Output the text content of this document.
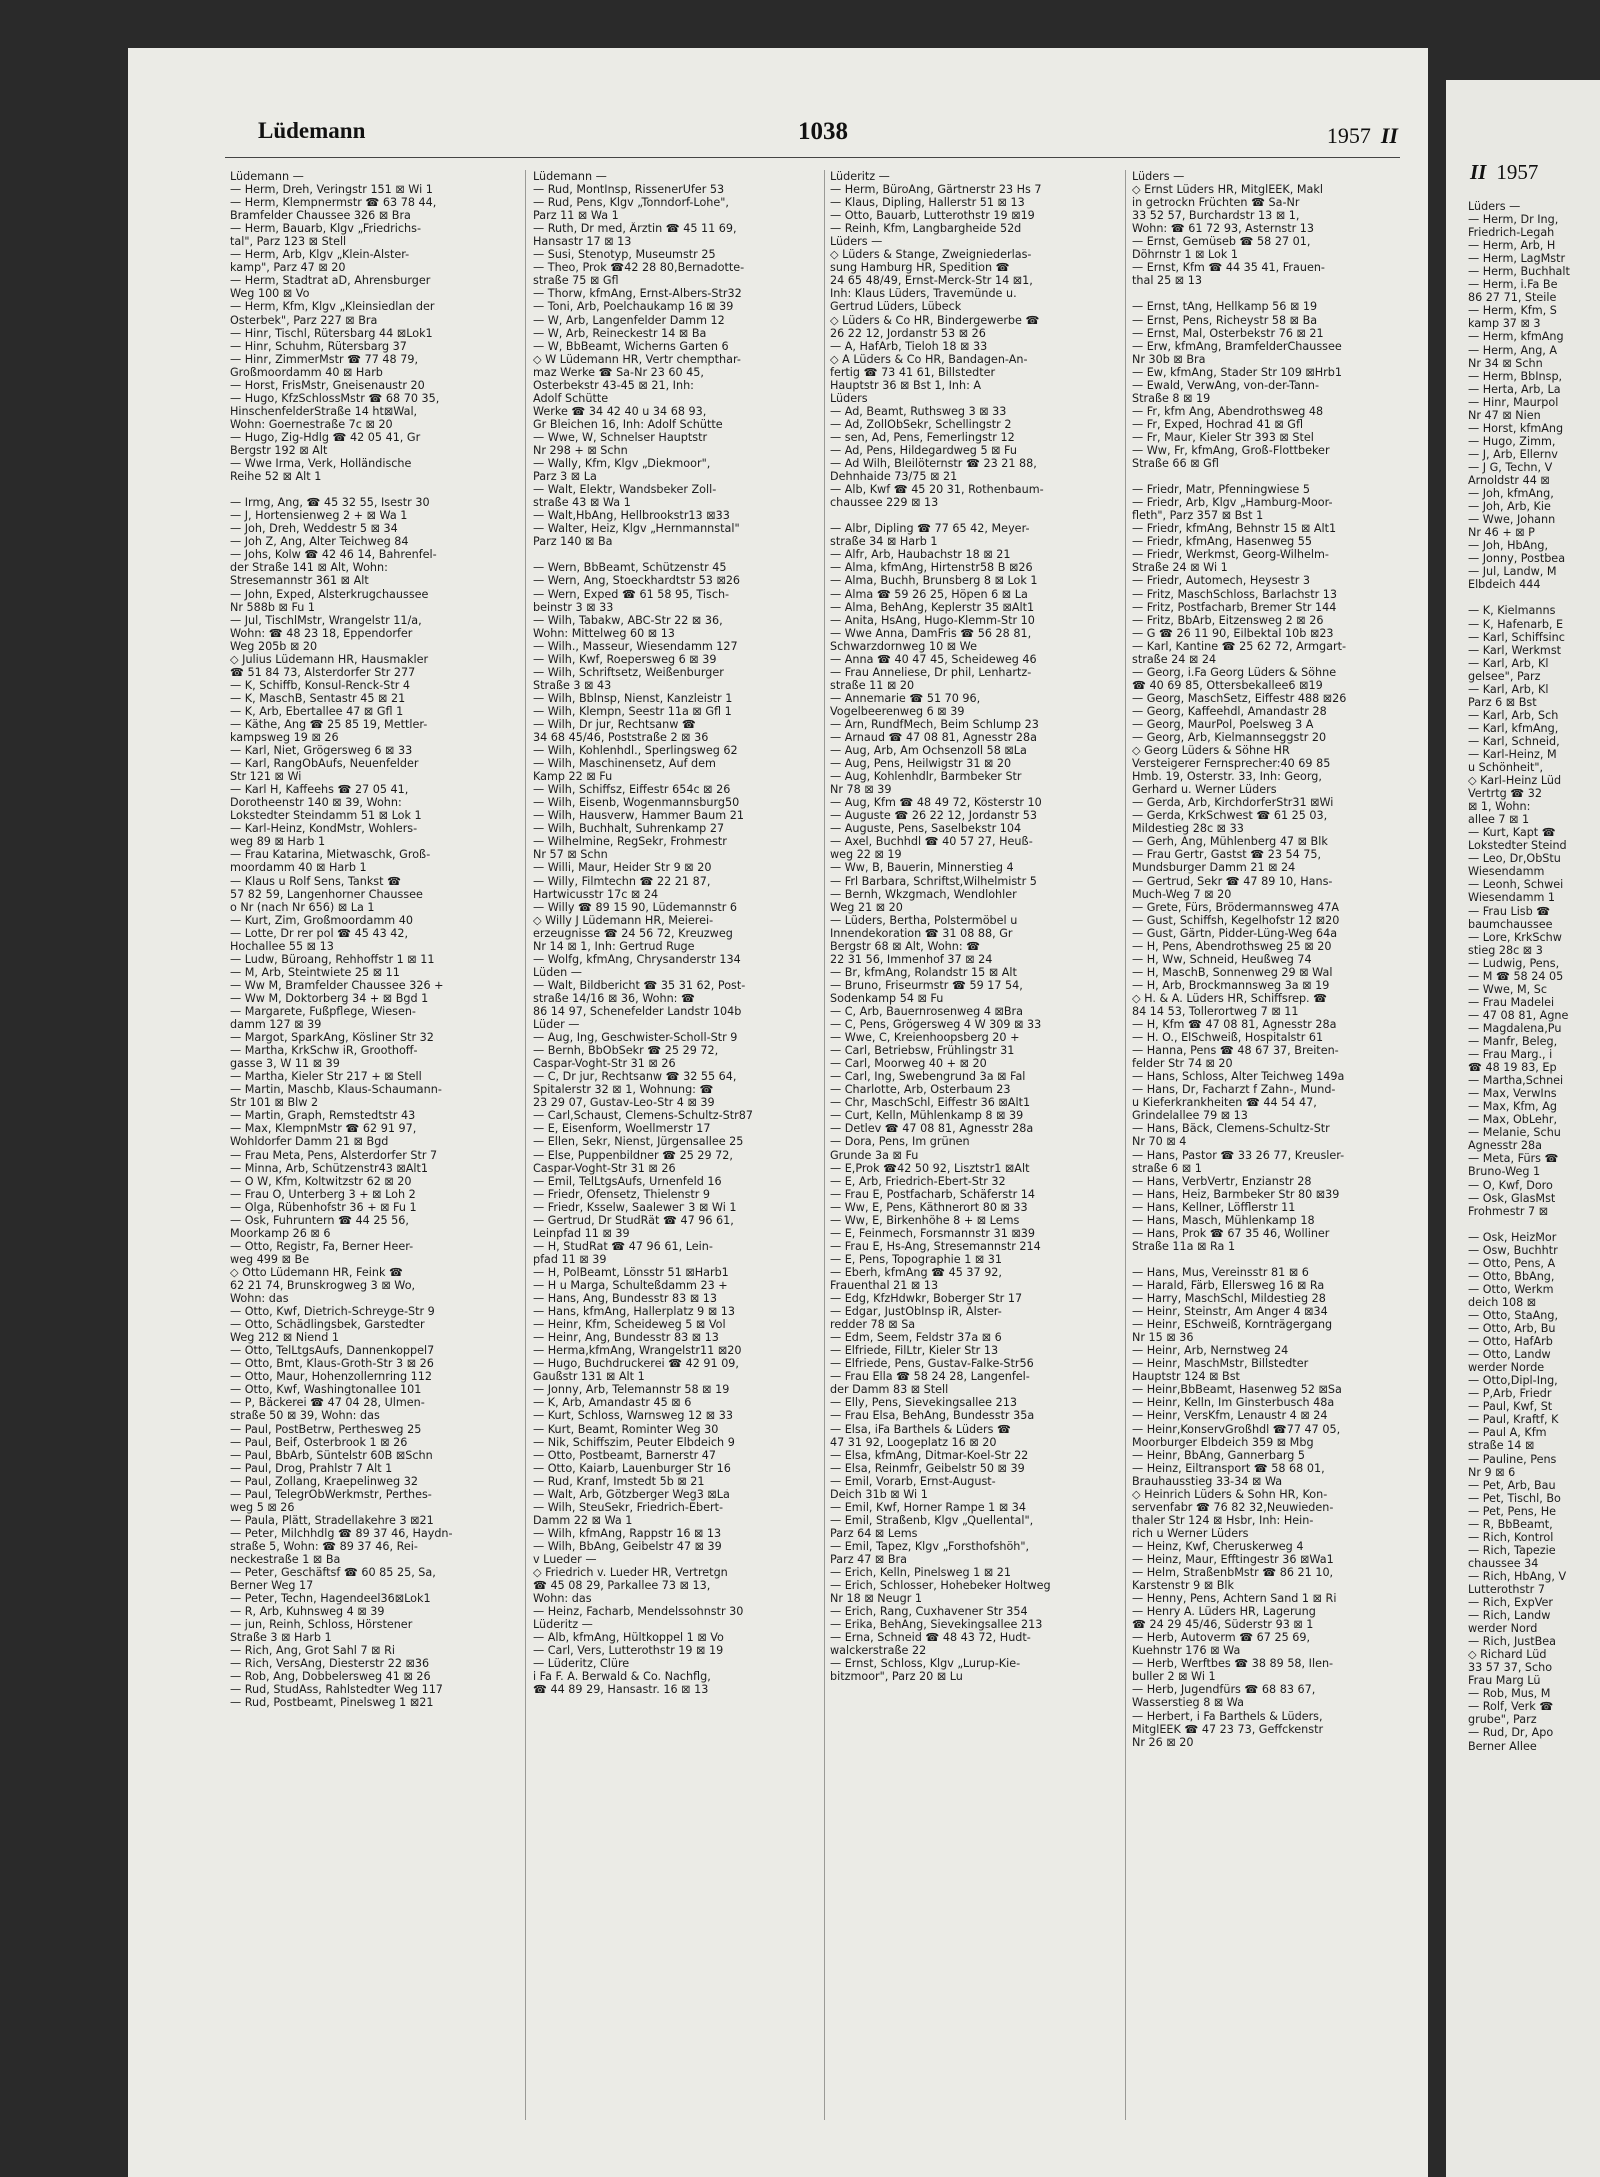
Lüdemann	1038	1957 II
II 1957
Lüdemann —
— Herm, Dreh, Veringstr 151 ⊠ Wi 1
— Herm, Klempnermstr ☎ 63 78 44,
Bramfelder Chaussee 326 ⊠ Bra
— Herm, Bauarb, Klgv „Friedrichs-
tal", Parz 123 ⊠ Stell
— Herm, Arb, Klgv „Klein-Alster-
kamp", Parz 47 ⊠ 20
— Herm, Stadtrat aD, Ahrensburger
Weg 100 ⊠ Vo
— Herm, Kfm, Klgv „Kleinsiedlan der
Osterbek", Parz 227 ⊠ Bra
— Hinr, Tischl, Rütersbarg 44 ⊠Lok1
— Hinr, Schuhm, Rütersbarg 37
— Hinr, ZimmerMstr ☎ 77 48 79,
Großmoordamm 40 ⊠ Harb
— Horst, FrisMstr, Gneisenaustr 20
— Hugo, KfzSchlossMstr ☎ 68 70 35,
HinschenfelderStraße 14 ht⊠Wal,
Wohn: Goernestraße 7c ⊠ 20
— Hugo, Zig-Hdlg ☎ 42 05 41, Gr
Bergstr 192 ⊠ Alt
— Wwe Irma, Verk, Holländische
Reihe 52 ⊠ Alt 1

— Irmg, Ang, ☎ 45 32 55, Isestr 30
— J, Hortensienweg 2 + ⊠ Wa 1
— Joh, Dreh, Weddestr 5 ⊠ 34
— Joh Z, Ang, Alter Teichweg 84
— Johs, Kolw ☎ 42 46 14, Bahrenfel-
der Straße 141 ⊠ Alt, Wohn:
Stresemannstr 361 ⊠ Alt
— John, Exped, Alsterkrugchaussee
Nr 588b ⊠ Fu 1
— Jul, TischlMstr, Wrangelstr 11/a,
Wohn: ☎ 48 23 18, Eppendorfer
Weg 205b ⊠ 20
◇ Julius Lüdemann HR, Hausmakler
☎ 51 84 73, Alsterdorfer Str 277
— K, Schiffb, Konsul-Renck-Str 4
— K, MaschB, Sentastr 45 ⊠ 21
— K, Arb, Ebertallee 47 ⊠ Gfl 1
— Käthe, Ang ☎ 25 85 19, Mettler-
kampsweg 19 ⊠ 26
— Karl, Niet, Grögersweg 6 ⊠ 33
— Karl, RangObAufs, Neuenfelder
Str 121 ⊠ Wi
— Karl H, Kaffeehs ☎ 27 05 41,
Dorotheenstr 140 ⊠ 39, Wohn:
Lokstedter Steindamm 51 ⊠ Lok 1
— Karl-Heinz, KondMstr, Wohlers-
weg 89 ⊠ Harb 1
— Frau Katarina, Mietwaschk, Groß-
moordamm 40 ⊠ Harb 1
— Klaus u Rolf Sens, Tankst ☎
57 82 59, Langenhorner Chaussee
o Nr (nach Nr 656) ⊠ La 1
— Kurt, Zim, Großmoordamm 40
— Lotte, Dr rer pol ☎ 45 43 42,
Hochallee 55 ⊠ 13
— Ludw, Büroang, Rehhoffstr 1 ⊠ 11
— M, Arb, Steintwiete 25 ⊠ 11
— Ww M, Bramfelder Chaussee 326 +
— Ww M, Doktorberg 34 + ⊠ Bgd 1
— Margarete, Fußpflege, Wiesen-
damm 127 ⊠ 39
— Margot, SparkAng, Kösliner Str 32
— Martha, KrkSchw iR, Groothoff-
gasse 3, W 11 ⊠ 39
— Martha, Kieler Str 217 + ⊠ Stell
— Martin, Maschb, Klaus-Schaumann-
Str 101 ⊠ Blw 2
— Martin, Graph, Remstedtstr 43
— Max, KlempnMstr ☎ 62 91 97,
Wohldorfer Damm 21 ⊠ Bgd
— Frau Meta, Pens, Alsterdorfer Str 7
— Minna, Arb, Schützenstr43 ⊠Alt1
— O W, Kfm, Koltwitzstr 62 ⊠ 20
— Frau O, Unterberg 3 + ⊠ Loh 2
— Olga, Rübenhofstr 36 + ⊠ Fu 1
— Osk, Fuhruntern ☎ 44 25 56,
Moorkamp 26 ⊠ 6
— Otto, Registr, Fa, Berner Heer-
weg 499 ⊠ Be
◇ Otto Lüdemann HR, Feink ☎
62 21 74, Brunskrogweg 3 ⊠ Wo,
Wohn: das
— Otto, Kwf, Dietrich-Schreyge-Str 9
— Otto, Schädlingsbek, Garstedter
Weg 212 ⊠ Niend 1
— Otto, TelLtgsAufs, Dannenkoppel7
— Otto, Bmt, Klaus-Groth-Str 3 ⊠ 26
— Otto, Maur, Hohenzollernring 112
— Otto, Kwf, Washingtonallee 101
— P, Bäckerei ☎ 47 04 28, Ulmen-
straße 50 ⊠ 39, Wohn: das
— Paul, PostBetrw, Perthesweg 25
— Paul, Beif, Osterbrook 1 ⊠ 26
— Paul, BbArb, Süntelstr 60B ⊠Schn
— Paul, Drog, Prahlstr 7 Alt 1
— Paul, Zollang, Kraepelinweg 32
— Paul, TelegrObWerkmstr, Perthes-
weg 5 ⊠ 26
— Paula, Plätt, Stradellakehre 3 ⊠21
— Peter, Milchhdlg ☎ 89 37 46, Haydn-
straße 5, Wohn: ☎ 89 37 46, Rei-
neckestraße 1 ⊠ Ba
— Peter, Geschäftsf ☎ 60 85 25, Sa,
Berner Weg 17
— Peter, Techn, Hagendeel36⊠Lok1
— R, Arb, Kuhnsweg 4 ⊠ 39
— jun, Reinh, Schloss, Hörstener
Straße 3 ⊠ Harb 1
— Rich, Ang, Grot Sahl 7 ⊠ Ri
— Rich, VersAng, Diesterstr 22 ⊠36
— Rob, Ang, Dobbelersweg 41 ⊠ 26
— Rud, StudAss, Rahlstedter Weg 117
— Rud, Postbeamt, Pinelsweg 1 ⊠21
Lüdemann —
— Rud, MontInsp, RissenerUfer 53
— Rud, Pens, Klgv „Tonndorf-Lohe",
Parz 11 ⊠ Wa 1
— Ruth, Dr med, Ärztin ☎ 45 11 69,
Hansastr 17 ⊠ 13
— Susi, Stenotyp, Museumstr 25
— Theo, Prok ☎42 28 80,Bernadotte-
straße 75 ⊠ Gfl
— Thorw, kfmAng, Ernst-Albers-Str32
— Toni, Arb, Poelchaukamp 16 ⊠ 39
— W, Arb, Langenfelder Damm 12
— W, Arb, Reineckestr 14 ⊠ Ba
— W, BbBeamt, Wicherns Garten 6
◇ W Lüdemann HR, Vertr chempthar-
maz Werke ☎ Sa-Nr 23 60 45,
Osterbekstr 43-45 ⊠ 21, Inh:
Adolf Schütte
Werke ☎ 34 42 40 u 34 68 93,
Gr Bleichen 16, Inh: Adolf Schütte
— Wwe, W, Schnelser Hauptstr
Nr 298 + ⊠ Schn
— Wally, Kfm, Klgv „Diekmoor",
Parz 3 ⊠ La
— Walt, Elektr, Wandsbeker Zoll-
straße 43 ⊠ Wa 1
— Walt,HbAng, Hellbrookstr13 ⊠33
— Walter, Heiz, Klgv „Hernmannstal"
Parz 140 ⊠ Ba

— Wern, BbBeamt, Schützenstr 45
— Wern, Ang, Stoeckhardtstr 53 ⊠26
— Wern, Exped ☎ 61 58 95, Tisch-
beinstr 3 ⊠ 33
— Wilh, Tabakw, ABC-Str 22 ⊠ 36,
Wohn: Mittelweg 60 ⊠ 13
— Wilh., Masseur, Wiesendamm 127
— Wilh, Kwf, Roepersweg 6 ⊠ 39
— Wilh, Schriftsetz, Weißenburger
Straße 3 ⊠ 43
— Wilh, Bblnsp, Nienst, Kanzleistr 1
— Wilh, Klempn, Seestr 11a ⊠ Gfl 1
— Wilh, Dr jur, Rechtsanw ☎
34 68 45/46, Poststraße 2 ⊠ 36
— Wilh, Kohlenhdl., Sperlingsweg 62
— Wilh, Maschinensetz, Auf dem
Kamp 22 ⊠ Fu
— Wilh, Schiffsz, Eiffestr 654c ⊠ 26
— Wilh, Eisenb, Wogenmannsburg50
— Wilh, Hausverw, Hammer Baum 21
— Wilh, Buchhalt, Suhrenkamp 27
— Wilhelmine, RegSekr, Frohmestr
Nr 57 ⊠ Schn
— Willi, Maur, Heider Str 9 ⊠ 20
— Willy, Filmtechn ☎ 22 21 87,
Hartwicusstr 17c ⊠ 24
— Willy ☎ 89 15 90, Lüdemannstr 6
◇ Willy J Lüdemann HR, Meierei-
erzeugnisse ☎ 24 56 72, Kreuzweg
Nr 14 ⊠ 1, Inh: Gertrud Ruge
— Wolfg, kfmAng, Chrysanderstr 134
Lüden —
— Walt, Bildbericht ☎ 35 31 62, Post-
straße 14/16 ⊠ 36, Wohn: ☎
86 14 97, Schenefelder Landstr 104b
Lüder —
— Aug, Ing, Geschwister-Scholl-Str 9
— Bernh, BbObSekr ☎ 25 29 72,
Caspar-Voght-Str 31 ⊠ 26
— C, Dr jur, Rechtsanw ☎ 32 55 64,
Spitalerstr 32 ⊠ 1, Wohnung: ☎
23 29 07, Gustav-Leo-Str 4 ⊠ 39
— Carl,Schaust, Clemens-Schultz-Str87
— E, Eisenform, Woellmerstr 17
— Ellen, Sekr, Nienst, Jürgensallee 25
— Else, Puppenbildner ☎ 25 29 72,
Caspar-Voght-Str 31 ⊠ 26
— Emil, TelLtgsAufs, Urnenfeld 16
— Friedr, Ofensetz, Thielenstr 9
— Friedr, Ksselw, Saalewег 3 ⊠ Wi 1
— Gertrud, Dr StudRät ☎ 47 96 61,
Leinpfad 11 ⊠ 39
— H, StudRat ☎ 47 96 61, Lein-
pfad 11 ⊠ 39
— H, PolBeamt, Lönsstr 51 ⊠Harb1
— H u Marga, Schulteßdamm 23 +
— Hans, Ang, Bundesstr 83 ⊠ 13
— Hans, kfmAng, Hallerplatz 9 ⊠ 13
— Heinr, Kfm, Scheideweg 5 ⊠ Vol
— Heinr, Ang, Bundesstr 83 ⊠ 13
— Herma,kfmAng, Wrangelstr11 ⊠20
— Hugo, Buchdruckerei ☎ 42 91 09,
Gaußstr 131 ⊠ Alt 1
— Jonny, Arb, Telemannstr 58 ⊠ 19
— K, Arb, Amandastr 45 ⊠ 6
— Kurt, Schloss, Warnsweg 12 ⊠ 33
— Kurt, Beamt, Rominter Weg 30
— Nik, Schiffszim, Peuter Elbdeich 9
— Otto, Postbeamt, Barnerstr 47
— Otto, Kaiarb, Lauenburger Str 16
— Rud, Kranf, Imstedt 5b ⊠ 21
— Walt, Arb, Götzberger Weg3 ⊠La
— Wilh, SteuSekr, Friedrich-Ebert-
Damm 22 ⊠ Wa 1
— Wilh, kfmAng, Rappstr 16 ⊠ 13
— Wilh, BbAng, Geibelstr 47 ⊠ 39
v Lueder —
◇ Friedrich v. Lueder HR, Vertretgn
☎ 45 08 29, Parkallee 73 ⊠ 13,
Wohn: das
— Heinz, Facharb, Mendelssohnstr 30
Lüderitz —
— Alb, kfmAng, Hültkoppel 1 ⊠ Vo
— Carl, Vers, Lutterothstr 19 ⊠ 19
— Lüderitz, Clüre
i Fa F. A. Berwald & Co. Nachflg,
☎ 44 89 29, Hansastr. 16 ⊠ 13
Lüderitz —
— Herm, BüroAng, Gärtnerstr 23 Hs 7
— Klaus, Dipling, Hallerstr 51 ⊠ 13
— Otto, Bauarb, Lutterothstr 19 ⊠19
— Reinh, Kfm, Langbargheide 52d
Lüders —
◇ Lüders & Stange, Zweigniederlas-
sung Hamburg HR, Spedition ☎
24 65 48/49, Ernst-Merck-Str 14 ⊠1,
Inh: Klaus Lüders, Travemünde u.
Gertrud Lüders, Lübeck
◇ Lüders & Co HR, Bindergewerbe ☎
26 22 12, Jordanstr 53 ⊠ 26
— A, HafArb, Tieloh 18 ⊠ 33
◇ A Lüders & Co HR, Bandagen-An-
fertig ☎ 73 41 61, Billstedter
Hauptstr 36 ⊠ Bst 1, Inh: A
Lüders
— Ad, Beamt, Ruthsweg 3 ⊠ 33
— Ad, ZollObSekr, Schellingstr 2
— sen, Ad, Pens, Femerlingstr 12
— Ad, Pens, Hildegardweg 5 ⊠ Fu
— Ad Wilh, Bleilöternstr ☎ 23 21 88,
Dehnhaide 73/75 ⊠ 21
— Alb, Kwf ☎ 45 20 31, Rothenbaum-
chaussee 229 ⊠ 13

— Albr, Dipling ☎ 77 65 42, Meyer-
straße 34 ⊠ Harb 1
— Alfr, Arb, Haubachstr 18 ⊠ 21
— Alma, kfmAng, Hirtenstr58 B ⊠26
— Alma, Buchh, Brunsberg 8 ⊠ Lok 1
— Alma ☎ 59 26 25, Höpen 6 ⊠ La
— Alma, BehAng, Keplerstr 35 ⊠Alt1
— Anita, HsAng, Hugo-Klemm-Str 10
— Wwe Anna, DamFris ☎ 56 28 81,
Schwarzdornweg 10 ⊠ We
— Anna ☎ 40 47 45, Scheideweg 46
— Frau Anneliese, Dr phil, Lenhartz-
straße 11 ⊠ 20
— Annemarie ☎ 51 70 96,
Vogelbeerenweg 6 ⊠ 39
— Arn, RundfMech, Beim Schlump 23
— Arnaud ☎ 47 08 81, Agnesstr 28a
— Aug, Arb, Am Ochsenzoll 58 ⊠La
— Aug, Pens, Heilwigstr 31 ⊠ 20
— Aug, Kohlenhdlr, Barmbeker Str
Nr 78 ⊠ 39
— Aug, Kfm ☎ 48 49 72, Kösterstr 10
— Auguste ☎ 26 22 12, Jordanstr 53
— Auguste, Pens, Saselbekstr 104
— Axel, Buchhdl ☎ 40 57 27, Heuß-
weg 22 ⊠ 19
— Ww, B, Bauerin, Minnerstieg 4
— Frl Barbara, Schriftst,Wilhelmistr 5
— Bernh, Wkzgmach, Wendlohler
Weg 21 ⊠ 20
— Lüders, Bertha, Polstermöbel u
Innendekoration ☎ 31 08 88, Gr
Bergstr 68 ⊠ Alt, Wohn: ☎
22 31 56, Immenhof 37 ⊠ 24
— Br, kfmAng, Rolandstr 15 ⊠ Alt
— Bruno, Friseurmstr ☎ 59 17 54,
Sodenkamp 54 ⊠ Fu
— C, Arb, Bauernrosenweg 4 ⊠Bra
— C, Pens, Grögersweg 4 W 309 ⊠ 33
— Wwe, C, Kreienhoopsberg 20 +
— Carl, Betriebsw, Frühlingstr 31
— Carl, Moorweg 40 + ⊠ 20
— Carl, Ing, Swebengrund 3a ⊠ Fal
— Charlotte, Arb, Osterbaum 23
— Chr, MaschSchl, Eiffestr 36 ⊠Alt1
— Curt, Kelln, Mühlenkamp 8 ⊠ 39
— Detlev ☎ 47 08 81, Agnesstr 28a
— Dora, Pens, Im grünen
Grunde 3a ⊠ Fu
— E,Prok ☎42 50 92, Lisztstr1 ⊠Alt
— E, Arb, Friedrich-Ebert-Str 32
— Frau E, Postfacharb, Schäferstr 14
— Ww, E, Pens, Käthnerort 80 ⊠ 33
— Ww, E, Birkenhöhe 8 + ⊠ Lems
— E, Feinmech, Forsmannstr 31 ⊠39
— Frau E, Hs-Ang, Stresemannstr 214
— E, Pens, Topographie 1 ⊠ 31
— Eberh, kfmAng ☎ 45 37 92,
Frauenthal 21 ⊠ 13
— Edg, KfzHdwkr, Boberger Str 17
— Edgar, JustObInsp iR, Alster-
redder 78 ⊠ Sa
— Edm, Seem, Feldstr 37a ⊠ 6
— Elfriede, FilLtr, Kieler Str 13
— Elfriede, Pens, Gustav-Falke-Str56
— Frau Ella ☎ 58 24 28, Langenfel-
der Damm 83 ⊠ Stell
— Elly, Pens, Sievekingsallee 213
— Frau Elsa, BehAng, Bundesstr 35a
— Elsa, iFa Barthels & Lüders ☎
47 31 92, Loogeplatz 16 ⊠ 20
— Elsa, kfmAng, Ditmar-Koel-Str 22
— Elsa, Reinmfr, Geibelstr 50 ⊠ 39
— Emil, Vorarb, Ernst-August-
Deich 31b ⊠ Wi 1
— Emil, Kwf, Horner Rampe 1 ⊠ 34
— Emil, Straßenb, Klgv „Quellental",
Parz 64 ⊠ Lems
— Emil, Tapez, Klgv „Forsthofshöh",
Parz 47 ⊠ Bra
— Erich, Kelln, Pinelsweg 1 ⊠ 21
— Erich, Schlosser, Hohebeker Holtweg
Nr 18 ⊠ Neugr 1
— Erich, Rang, Cuxhavener Str 354
— Erika, BehAng, Sievekingsallee 213
— Erna, Schneid ☎ 48 43 72, Hudt-
walckerstraße 22
— Ernst, Schloss, Klgv „Lurup-Kie-
bitzmoor", Parz 20 ⊠ Lu
Lüders —
◇ Ernst Lüders HR, MitglEEK, Makl
in getrockn Früchten ☎ Sa-Nr
33 52 57, Burchardstr 13 ⊠ 1,
Wohn: ☎ 61 72 93, Asternstr 13
— Ernst, Gemüseb ☎ 58 27 01,
Döhrnstr 1 ⊠ Lok 1
— Ernst, Kfm ☎ 44 35 41, Frauen-
thal 25 ⊠ 13

— Ernst, tAng, Hellkamp 56 ⊠ 19
— Ernst, Pens, Richeystr 58 ⊠ Ba
— Ernst, Mal, Osterbekstr 76 ⊠ 21
— Erw, kfmAng, BramfelderChaussee
Nr 30b ⊠ Bra
— Ew, kfmAng, Stader Str 109 ⊠Hrb1
— Ewald, VerwAng, von-der-Tann-
Straße 8 ⊠ 19
— Fr, kfm Ang, Abendrothsweg 48
— Fr, Exped, Hochrad 41 ⊠ Gfl
— Fr, Maur, Kieler Str 393 ⊠ Stel
— Ww, Fr, kfmAng, Groß-Flottbeker
Straße 66 ⊠ Gfl

— Friedr, Matr, Pfenningwiese 5
— Friedr, Arb, Klgv „Hamburg-Moor-
fleth", Parz 357 ⊠ Bst 1
— Friedr, kfmAng, Behnstr 15 ⊠ Alt1
— Friedr, kfmAng, Hasenweg 55
— Friedr, Werkmst, Georg-Wilhelm-
Straße 24 ⊠ Wi 1
— Friedr, Automech, Heysestr 3
— Fritz, MaschSchloss, Barlachstr 13
— Fritz, Postfacharb, Bremer Str 144
— Fritz, BbArb, Eitzensweg 2 ⊠ 26
— G ☎ 26 11 90, Eilbektal 10b ⊠23
— Karl, Kantine ☎ 25 62 72, Armgart-
straße 24 ⊠ 24
— Georg, i.Fa Georg Lüders & Söhne
☎ 40 69 85, Ottersbekallee6 ⊠19
— Georg, MaschSetz, Eiffestr 488 ⊠26
— Georg, Kaffeehdl, Amandastr 28
— Georg, MaurPol, Poelsweg 3 A
— Georg, Arb, Kielmannseggstr 20
◇ Georg Lüders & Söhne HR
Versteigerer Fernsprecher:40 69 85
Hmb. 19, Osterstr. 33, Inh: Georg,
Gerhard u. Werner Lüders
— Gerda, Arb, KirchdorferStr31 ⊠Wi
— Gerda, KrkSchwest ☎ 61 25 03,
Mildestieg 28c ⊠ 33
— Gerh, Ang, Mühlenberg 47 ⊠ Blk
— Frau Gertr, Gastst ☎ 23 54 75,
Mundsburger Damm 21 ⊠ 24
— Gertrud, Sekr ☎ 47 89 10, Hans-
Much-Weg 7 ⊠ 20
— Grete, Fürs, Brödermannsweg 47A
— Gust, Schiffsh, Kegelhofstr 12 ⊠20
— Gust, Gärtn, Pidder-Lüng-Weg 64a
— H, Pens, Abendrothsweg 25 ⊠ 20
— H, Ww, Schneid, Heußweg 74
— H, MaschB, Sonnenweg 29 ⊠ Wal
— H, Arb, Brockmannsweg 3a ⊠ 19
◇ H. & A. Lüders HR, Schiffsrep. ☎
84 14 53, Tollerortweg 7 ⊠ 11
— H, Kfm ☎ 47 08 81, Agnesstr 28a
— H. O., ElSchweiß, Hospitalstr 61
— Hanna, Pens ☎ 48 67 37, Breiten-
felder Str 74 ⊠ 20
— Hans, Schloss, Alter Teichweg 149a
— Hans, Dr, Facharzt f Zahn-, Mund-
u Kieferkrankheiten ☎ 44 54 47,
Grindelallee 79 ⊠ 13
— Hans, Bäck, Clemens-Schultz-Str
Nr 70 ⊠ 4
— Hans, Pastor ☎ 33 26 77, Kreusler-
straße 6 ⊠ 1
— Hans, VerbVertr, Enzianstr 28
— Hans, Heiz, Barmbeker Str 80 ⊠39
— Hans, Kellner, Löfflerstr 11
— Hans, Masch, Mühlenkamp 18
— Hans, Prok ☎ 67 35 46, Wolliner
Straße 11a ⊠ Ra 1

— Hans, Mus, Vereinsstr 81 ⊠ 6
— Harald, Färb, Ellersweg 16 ⊠ Ra
— Harry, MaschSchl, Mildestieg 28
— Heinr, Steinstr, Am Anger 4 ⊠34
— Heinr, ESchweiß, Kornträgergang
Nr 15 ⊠ 36
— Heinr, Arb, Nernstweg 24
— Heinr, MaschMstr, Billstedter
Hauptstr 124 ⊠ Bst
— Heinr,BbBeamt, Hasenweg 52 ⊠Sa
— Heinr, Kelln, Im Ginsterbusch 48a
— Heinr, VersKfm, Lenaustr 4 ⊠ 24
— Heinr,KonservGroßhdl ☎77 47 05,
Moorburger Elbdeich 359 ⊠ Mbg
— Heinr, BbAng, Gannerbarg 5
— Heinz, Eiltransport ☎ 58 68 01,
Brauhausstieg 33-34 ⊠ Wa
◇ Heinrich Lüders & Sohn HR, Kon-
servenfabr ☎ 76 82 32,Neuwieden-
thaler Str 124 ⊠ Hsbr, Inh: Hein-
rich u Werner Lüders
— Heinz, Kwf, Cheruskerweg 4
— Heinz, Maur, Efftingestr 36 ⊠Wa1
— Helm, StraßenbMstr ☎ 86 21 10,
Karstenstr 9 ⊠ Blk
— Henny, Pens, Achtern Sand 1 ⊠ Ri
— Henry A. Lüders HR, Lagerung
☎ 24 29 45/46, Süderstr 93 ⊠ 1
— Herb, Autoverm ☎ 67 25 69,
Kuehnstr 176 ⊠ Wa
— Herb, Werftbes ☎ 38 89 58, Ilen-
buller 2 ⊠ Wi 1
— Herb, Jugendfürs ☎ 68 83 67,
Wasserstieg 8 ⊠ Wa
— Herbert, i Fa Barthels & Lüders,
MitglEEK ☎ 47 23 73, Geffckenstr
Nr 26 ⊠ 20
Lüders —
— Herm, Dr Ing,
Friedrich-Legah
— Herm, Arb, H
— Herm, LagMstr
— Herm, Buchhalt
— Herm, i.Fa Be
86 27 71, Steile
— Herm, Kfm, S
kamp 37 ⊠ 3
— Herm, kfmAng
— Herm, Ang, A
Nr 34 ⊠ Schn
— Herm, BbInsp,
— Herta, Arb, La
— Hinr, Maurpol
Nr 47 ⊠ Nien
— Horst, kfmAng
— Hugo, Zimm,
— J, Arb, Ellernv
— J G, Techn, V
Arnoldstr 44 ⊠
— Joh, kfmAng,
— Joh, Arb, Kie
— Wwe, Johann
Nr 46 + ⊠ P
— Joh, HbAng,
— Jonny, Postbea
— Jul, Landw, M
Elbdeich 444

— K, Kielmanns
— K, Hafenarb, E
— Karl, Schiffsinc
— Karl, Werkmst
— Karl, Arb, Kl
gelsee", Parz
— Karl, Arb, Kl
Parz 6 ⊠ Bst
— Karl, Arb, Sch
— Karl, kfmAng,
— Karl, Schneid,
— Karl-Heinz, M
u Schönheit",
◇ Karl-Heinz Lüd
Vertrtg ☎ 32
⊠ 1, Wohn:
allee 7 ⊠ 1
— Kurt, Kapt ☎
Lokstedter Steind
— Leo, Dr,ObStu
Wiesendamm
— Leonh, Schwei
Wiesendamm 1
— Frau Lisb ☎
baumchaussee
— Lore, KrkSchw
stieg 28c ⊠ 3
— Ludwig, Pens,
— M ☎ 58 24 05
— Wwe, M, Sc
— Frau Madelei
— 47 08 81, Agne
— Magdalena,Pu
— Manfr, Beleg,
— Frau Marg., i
☎ 48 19 83, Ep
— Martha,Schnei
— Max, VerwIns
— Max, Kfm, Ag
— Max, ObLehr,
— Melanie, Schu
Agnesstr 28a
— Meta, Fürs ☎
Bruno-Weg 1
— O, Kwf, Doro
— Osk, GlasMst
Frohmestr 7 ⊠

— Osk, HeizMor
— Osw, Buchhtr
— Otto, Pens, A
— Otto, BbAng,
— Otto, Werkm
deich 108 ⊠
— Otto, StaAng,
— Otto, Arb, Bu
— Otto, HafArb
— Otto, Landw
werder Norde
— Otto,Dipl-Ing,
— P,Arb, Friedr
— Paul, Kwf, St
— Paul, Kraftf, K
— Paul A, Kfm
straße 14 ⊠
— Pauline, Pens
Nr 9 ⊠ 6
— Pet, Arb, Bau
— Pet, Tischl, Bo
— Pet, Pens, He
— R, BbBeamt,
— Rich, Kontrol
— Rich, Tapezie
chaussee 34
— Rich, HbAng, V
Lutterothstr 7
— Rich, ExpVer
— Rich, Landw
werder Nord
— Rich, JustBea
◇ Richard Lüd
33 57 37, Scho
Frau Marg Lü
— Rob, Mus, M
— Rolf, Verk ☎
grube", Parz
— Rud, Dr, Apo
Berner Allee
